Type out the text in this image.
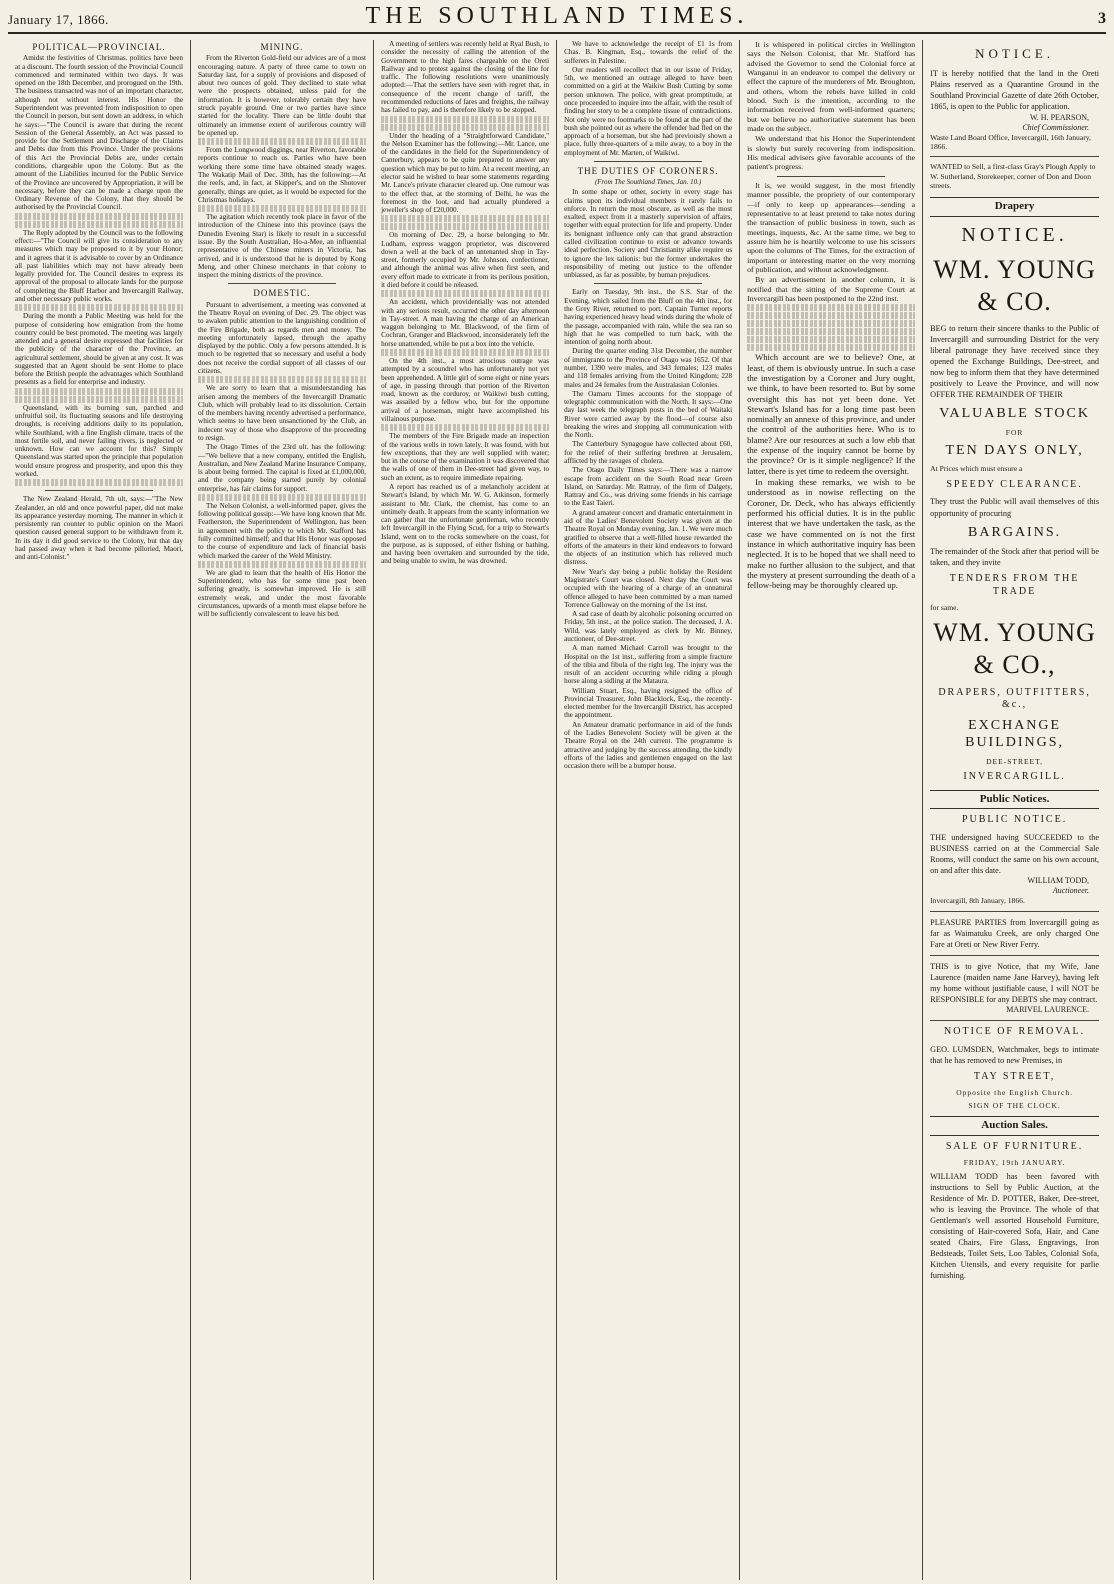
January 17, 1866.	THE SOUTHLAND TIMES.	3
POLITICAL—PROVINCIAL.

Amidst the festivities of Christmas. politics have been at a discount. The fourth session of the Provincial Council commenced and terminated within two days. It was opened on the 18th December, and prorogued on the 19th. The business transacted was not of an important character, although not without interest. His Honor the Superintendent was prevented from indisposition to open the Council in person, but sent down an address, in which he says:—"The Council is aware that during the recent Session of the General Assembly, an Act was passed to provide for the Settlement and Discharge of the Claims and Debts due from this Province. Under the provisions of this Act the Provincial Debts are, under certain conditions, chargeable upon the Colony. But as the amount of the Liabilities incurred for the Public Service of the Province are uncovered by Appropriation, it will be necessary, before they can be made a charge upon the Ordinary Revenue of the Colony, that they should be authorised by the Provincial Council.

The Reply adopted by the Council was to the following effect:—"The Council will give its consideration to any measures which may be proposed to it by your Honor; and it agrees that it is advisable to cover by an Ordinance all past liabilities which may not have already been legally provided for. The Council desires to express its approval of the proposal to allocate lands for the purpose of completing the Bluff Harbor and Invercargill Railway, and other necessary public works.

During the month a Public Meeting was held for the purpose of considering how emigration from the home country could be best promoted. The meeting was largely attended and a general desire expressed that facilities for the publicity of the character of the Province, an agricultural settlement, should be given at any cost. It was suggested that an Agent should be sent Home to place before the British people the advantages which Southland presents as a field for enterprise and industry.

Queensland, with its burning sun, parched and unfruitful soil, its fluctuating seasons and life destroying droughts, is receiving additions daily to its population, while Southland, with a fine English climate, tracts of the most fertile soil, and never failing rivers, is neglected or unknown. How can we account for this? Simply Queensland was started upon the principle that population would ensure progress and prosperity, and upon this they worked.

The New Zealand Herald, 7th ult, says:—"The New Zealander, an old and once powerful paper, did not make its appearance yesterday morning. The manner in which it persistently ran counter to public opinion on the Maori question caused general support to be withdrawn from it. In its day it did good service to the Colony, but that day had passed away when it had become pilloried, Maori, and anti-Colonist."

MINING.

From the Riverton Gold-field our advices are of a most encouraging nature. A party of three came to town on Saturday last, for a supply of provisions and disposed of about two ounces of gold. They declined to state what were the prospects obtained, unless paid for the information. It is however, tolerably certain they have struck payable ground. One or two parties have since started for the locality. There can be little doubt that ultimately an immense extent of auriferous country will be opened up.

From the Longwood diggings, near Riverton, favorable reports continue to reach us. Parties who have been working there some time have obtained steady wages. The Wakatip Mail of Dec. 30th, has the following:—At the reefs, and, in fact, at Skipper's, and on the Shotover generally, things are quiet, as it would be expected for the Christmas holidays.

The agitation which recently took place in favor of the introduction of the Chinese into this province (says the Dunedin Evening Star) is likely to result in a successful issue. By the South Australian, Ho-a-Mee, an influential representative of the Chinese miners in Victoria, has arrived, and it is understood that he is deputed by Kong Meng, and other Chinese merchants in that colony to inspect the mining districts of the province.

DOMESTIC.

Pursuant to advertisement, a meeting was convened at the Theatre Royal on evening of Dec. 29. The object was to awaken public attention to the languishing condition of the Fire Brigade, both as regards men and money. The meeting unfortunately lapsed, through the apathy displayed by the public. Only a few persons attended. It is much to be regretted that so necessary and useful a body does not receive the cordial support of all classes of our citizens.

We are sorry to learn that a misunderstanding has arisen among the members of the Invercargill Dramatic Club, which will probably lead to its dissolution. Certain of the members having recently advertised a performance, which seems to have been unsanctioned by the Club, an indecent way of those who disapprove of the proceeding to resign.

The Otago Times of the 23rd ult. has the following:—"We believe that a new company, entitled the English, Australian, and New Zealand Marine Insurance Company, is about being formed. The capital is fixed at £1,000,000, and the company being started purely by colonial enterprise, has fair claims for support.

The Nelson Colonist, a well-informed paper, gives the following political gossip:—We have long known that Mr. Featherston, the Superintendent of Wellington, has been in agreement with the policy to which Mr. Stafford has fully committed himself; and that His Honor was opposed to the course of expenditure and lack of financial basis which marked the career of the Weld Ministry.

We are glad to learn that the health of His Honor the Superintendent, who has for some time past been suffering greatly, is somewhat improved. He is still extremely weak, and under the most favorable circumstances, upwards of a month must elapse before he will be sufficiently convalescent to leave his bed.

A meeting of settlers was recently held at Ryal Bush, to consider the necessity of calling the attention of the Government to the high fares chargeable on the Oreti Railway and to protest against the closing of the line for traffic. The following resolutions were unanimously adopted:—That the settlers have seen with regret that, in consequence of the recent change of tariff, the recommended reductions of fares and freights, the railway has failed to pay, and is therefore likely to be stopped.

Under the heading of a "Straightforward Candidate," the Nelson Examiner has the following:—Mr. Lance, one of the candidates in the field for the Superintendency of Canterbury, appears to be quite prepared to answer any question which may be put to him. At a recent meeting, an elector said he wished to hear some statements regarding Mr. Lance's private character cleared up. One rumour was to the effect that, at the storming of Delhi, he was the foremost in the loot, and had actually plundered a jeweller's shop of £20,000.

On morning of Dec. 29, a horse belonging to Mr. Ludham, express waggon proprietor, was discovered down a well at the back of an untenanted shop in Tay-street, formerly occupied by Mr. Johnson, confectioner, and although the animal was alive when first seen, and every effort made to extricate it from its perilous position, it died before it could be released.

An accident, which providentially was not attended with any serious result, occurred the other day afternoon in Tay-street. A man having the charge of an American waggon belonging to Mr. Blackwood, of the firm of Cochran, Granger and Blackwood, inconsiderately left the horse unattended, while he put a box into the vehicle.

On the 4th inst., a most atrocious outrage was attempted by a scoundrel who has unfortunately not yet been apprehended. A little girl of some eight or nine years of age, in passing through that portion of the Riverton road, known as the corduroy, or Waikiwi bush cutting, was assailed by a fellow who, but for the opportune arrival of a horseman, might have accomplished his villainous purpose.

The members of the Fire Brigade made an inspection of the various wells in town lately. It was found, with but few exceptions, that they are well supplied with water; but in the course of the examination it was discovered that the walls of one of them in Dee-street had given way, to such an extent, as to require immediate repairing.

A report has reached us of a melancholy accident at Stewart's Island, by which Mr. W. G. Atkinson, formerly assistant to Mr. Clark, the chemist, has come to an untimely death. It appears from the scanty information we can gather that the unfortunate gentleman, who recently left Invercargill in the Flying Scud, for a trip to Stewart's Island, went on to the rocks somewhere on the coast, for the purpose, as is supposed, of either fishing or bathing, and having been overtaken and surrounded by the tide, and being unable to swim, he was drowned.

We have to acknowledge the receipt of £1 1s from Chas. B. Kingman, Esq., towards the relief of the sufferers in Palestine.

Our readers will recollect that in our issue of Friday, 5th, we mentioned an outrage alleged to have been committed on a girl at the Waikiw Bush Cutting by some person unknown. The police, with great promptitude, at once proceeded to inquire into the affair, with the result of finding her story to be a complete tissue of contradictions. Not only were no footmarks to be found at the part of the bush she pointed out as where the offender had fled on the approach of a horseman, but she had previously shown a place, fully three-quarters of a mile away, to a boy in the employment of Mr. Marten, of Waikiwi.

THE DUTIES OF CORONERS.
(From The Southland Times, Jan. 10.)

In some shape or other, society in every stage has claims upon its individual members it rarely fails to enforce. In return the most obscure, as well as the most exalted, expect from it a masterly supervision of affairs, together with equal protection for life and property. Under its benignant influence only can that grand abstraction called civilization continue to exist or advance towards ideal perfection. Society and Christianity alike require us to ignore the lex talionis: but the former undertakes the responsibility of meting out justice to the offender unbiassed, as far as possible, by human prejudices.

Early on Tuesday, 9th inst., the S.S. Star of the Evening, which sailed from the Bluff on the 4th inst., for the Grey River, returned to port. Captain Turner reports having experienced heavy head winds during the whole of the passage, accompanied with rain, while the sea ran so high that he was compelled to turn back, with the intention of going north about.

During the quarter ending 31st December, the number of immigrants to the Province of Otago was 1652. Of that number, 1390 were males, and 343 females; 123 males and 118 females arriving from the United Kingdom; 228 males and 24 females from the Australasian Colonies.

The Oamaru Times accounts for the stoppage of telegraphic communication with the North. It says:—One day last week the telegraph posts in the bed of Waitaki River were carried away by the flood—of course also breaking the wires and stopping all communication with the North.

The Canterbury Synagogue have collected about £60, for the relief of their suffering brethren at Jerusalem, afflicted by the ravages of cholera.

The Otago Daily Times says:—There was a narrow escape from accident on the South Road near Green Island, on Saturday. Mr. Rattray, of the firm of Dalgety, Rattray and Co., was driving some friends in his carriage to the East Taieri.

A grand amateur concert and dramatic entertainment in aid of the Ladies' Benevolent Society was given at the Theatre Royal on Monday evening, Jan. 1. We were much gratified to observe that a well-filled house rewarded the efforts of the amateurs in their kind endeavors to forward the objects of an institution which has relieved much distress.

New Year's day being a public holiday the Resident Magistrate's Court was closed. Next day the Court was occupied with the hearing of a charge of an unnatural offence alleged to have been committed by a man named Torrence Galloway on the morning of the 1st inst.

A sad case of death by alcoholic poisoning occurred on Friday, 5th inst., at the police station. The deceased, J. A. Wild, was lately employed as clerk by Mr. Binney, auctioneer, of Dee-street.

A man named Michael Carroll was brought to the Hospital on the 1st inst., suffering from a simple fracture of the tibia and fibula of the right leg. The injury was the result of an accident occurring while riding a plough horse along a sidling at the Mataura.

William Stuart, Esq., having resigned the office of Provincial Treasurer, John Blacklock, Esq., the recently-elected member for the Invercargill District, has accepted the appointment.

An Amateur dramatic performance in aid of the funds of the Ladies Benevolent Society will be given at the Theatre Royal on the 24th current. The programme is attractive and judging by the success attending, the kindly efforts of the ladies and gentlemen engaged on the last occasion there will be a bumper house.

It is whispered in political circles in Wellington says the Nelson Colonist, that Mr. Stafford has advised the Governor to send the Colonial force at Wanganui in an endeavor to compel the delivery or effect the capture of the murderers of Mr. Broughton, and others, whom the rebels have killed in cold blood. Such is the intention, according to the information received from well-informed quarters; but we believe no authoritative statement has been made on the subject.

We understand that his Honor the Superintendent is slowly but surely recovering from indisposition. His medical advisers give favorable accounts of the patient's progress.

It is, we would suggest, in the most friendly manner possible, the propriety of our contemporary—if only to keep up appearances—sending a representative to at least pretend to take notes during the transaction of public business in town, such as meetings, inquests, &c. At the same time, we beg to assure him he is heartily welcome to use his scissors upon the columns of The Times, for the extraction of important or interesting matter on the very morning of publication, and without acknowledgment.

By an advertisement in another column, it is notified that the sitting of the Supreme Court at Invercargill has been postponed to the 22nd inst.

Which account are we to believe? One, at least, of them is obviously untrue. In such a case the investigation by a Coroner and Jury ought, we think, to have been resorted to. But by some oversight this has not yet been done. Yet Stewart's Island has for a long time past been nominally an annexe of this province, and under the control of the authorities here. Who is to blame? Are our resources at such a low ebb that the expense of the inquiry cannot be borne by the province? Or is it simple negligence? If the latter, there is yet time to redeem the oversight.

In making these remarks, we wish to be understood as in nowise reflecting on the Coroner, Dr. Deck, who has always efficiently performed his official duties. It is in the public interest that we have undertaken the task, as the case we have commented on is not the first instance in which authoritative inquiry has been neglected. It is to be hoped that we shall need to make no further allusion to the subject, and that the mystery at present surrounding the death of a fellow-being may be thoroughly cleared up.

NOTICE.
IT is hereby notified that the land in the Oreti Plains reserved as a Quarantine Ground in the Southland Provincial Gazette of date 26th October, 1865, is open to the Public for application.
W. H. PEARSON,
Chief Commissioner.
Waste Land Board Office, Invercargill, 16th January, 1866.
WANTED to Sell, a first-class Gray's Plough Apply to W. Sutherland, Storekeeper, corner of Don and Doon streets.
Drapery
NOTICE.
WM. YOUNG & CO.
BEG to return their sincere thanks to the Public of Invercargill and surrounding District for the very liberal patronage they have received since they opened the Exchange Buildings, Dee-street, and now beg to inform them that they have determined positively to Leave the Province, and will now OFFER THE REMAINDER OF THEIR
VALUABLE STOCK
FOR
TEN DAYS ONLY,
At Prices which must ensure a
SPEEDY CLEARANCE.
They trust the Public will avail themselves of this opportunity of procuring
BARGAINS.
The remainder of the Stock after that period will be taken, and they invite
TENDERS FROM THE TRADE
for same.
WM. YOUNG & CO.,
DRAPERS, OUTFITTERS, &c.,
EXCHANGE BUILDINGS,
DEE-STREET,
INVERCARGILL.
Public Notices.
PUBLIC NOTICE.
THE undersigned having SUCCEEDED to the BUSINESS carried on at the Commercial Sale Rooms, will conduct the same on his own account, on and after this date.
WILLIAM TODD,
Auctioneer.
Invercargill, 8th January, 1866.
PLEASURE PARTIES from Invercargill going as far as Waimatuku Creek, are only charged One Fare at Oreti or New River Ferry.
THIS is to give Notice, that my Wife, Jane Laurence (maiden name Jane Harvey), having left my home without justifiable cause, I will NOT be RESPONSIBLE for any DEBTS she may contract.
MARIVEL LAURENCE.
NOTICE OF REMOVAL.
GEO. LUMSDEN, Watchmaker, begs to intimate that he has removed to new Premises, in
TAY STREET,
Opposite the English Church.
SIGN OF THE CLOCK.
Auction Sales.
SALE OF FURNITURE.
FRIDAY, 19th JANUARY.
WILLIAM TODD has been favored with instructions to Sell by Public Auction, at the Residence of Mr. D. POTTER, Baker, Dee-street, who is leaving the Province. The whole of that Gentleman's well assorted Household Furniture, consisting of Hair-covered Sofa, Hair, and Cane seated Chairs, Fire Glass, Engravings, Iron Bedsteads, Toilet Sets, Loo Tables, Colonial Sofa, Kitchen Utensils, and every requisite for parlie furnishing.
